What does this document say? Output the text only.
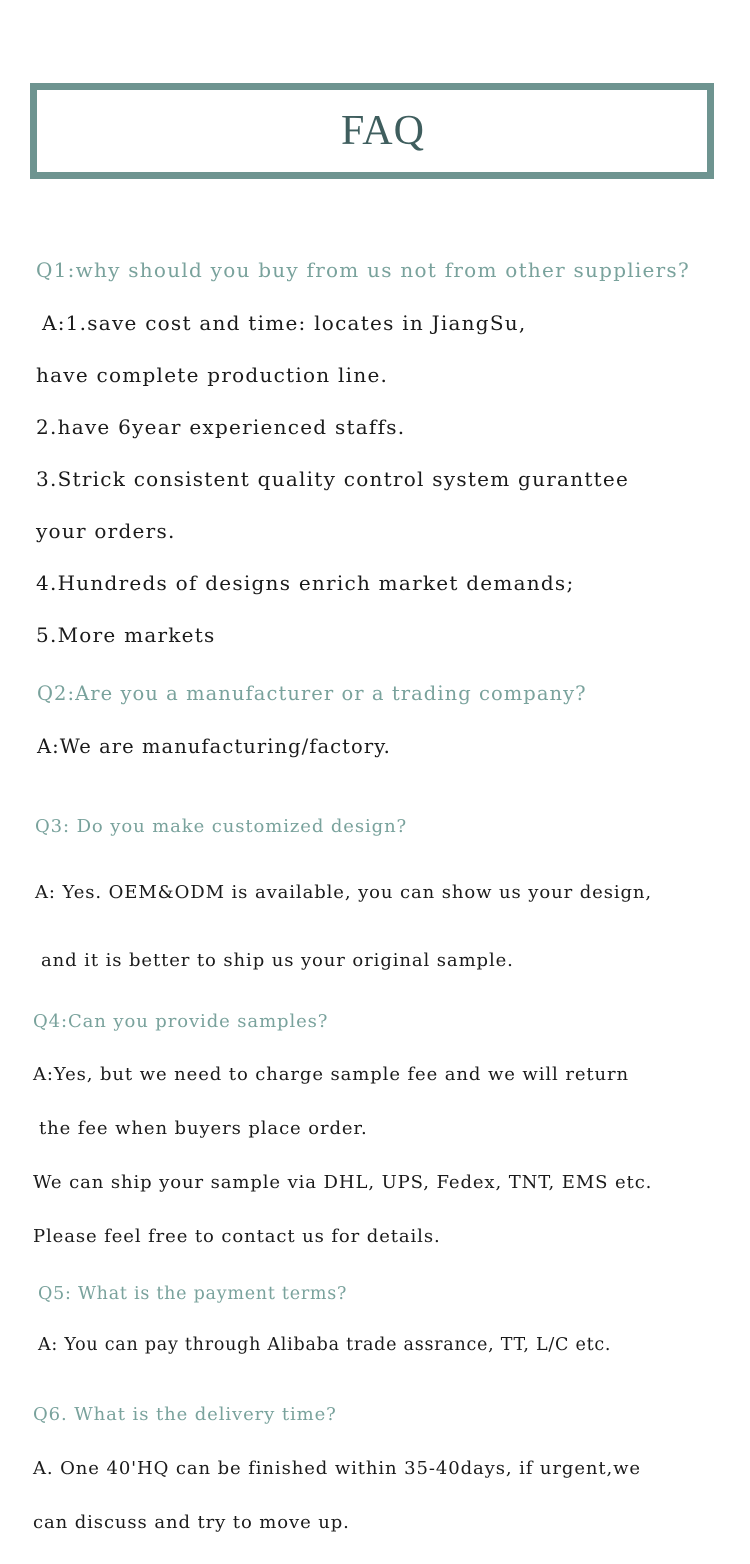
FAQ
Q1:why should you buy from us not from other suppliers?
A:1.save cost and time: locates in JiangSu,
have complete production line.
2.have 6year experienced staffs.
3.Strick consistent quality control system guranttee
your orders.
4.Hundreds of designs enrich market demands;
5.More markets
Q2:Are you a manufacturer or a trading company?
A:We are manufacturing/factory.
Q3: Do you make customized design?
A: Yes. OEM&ODM is available, you can show us your design,
and it is better to ship us your original sample.
Q4:Can you provide samples?
A:Yes, but we need to charge sample fee and we will return
the fee when buyers place order.
We can ship your sample via DHL, UPS, Fedex, TNT, EMS etc.
Please feel free to contact us for details.
Q5: What is the payment terms?
A: You can pay through Alibaba trade assrance, TT, L/C etc.
Q6. What is the delivery time?
A. One 40'HQ can be finished within 35-40days, if urgent,we
can discuss and try to move up.
